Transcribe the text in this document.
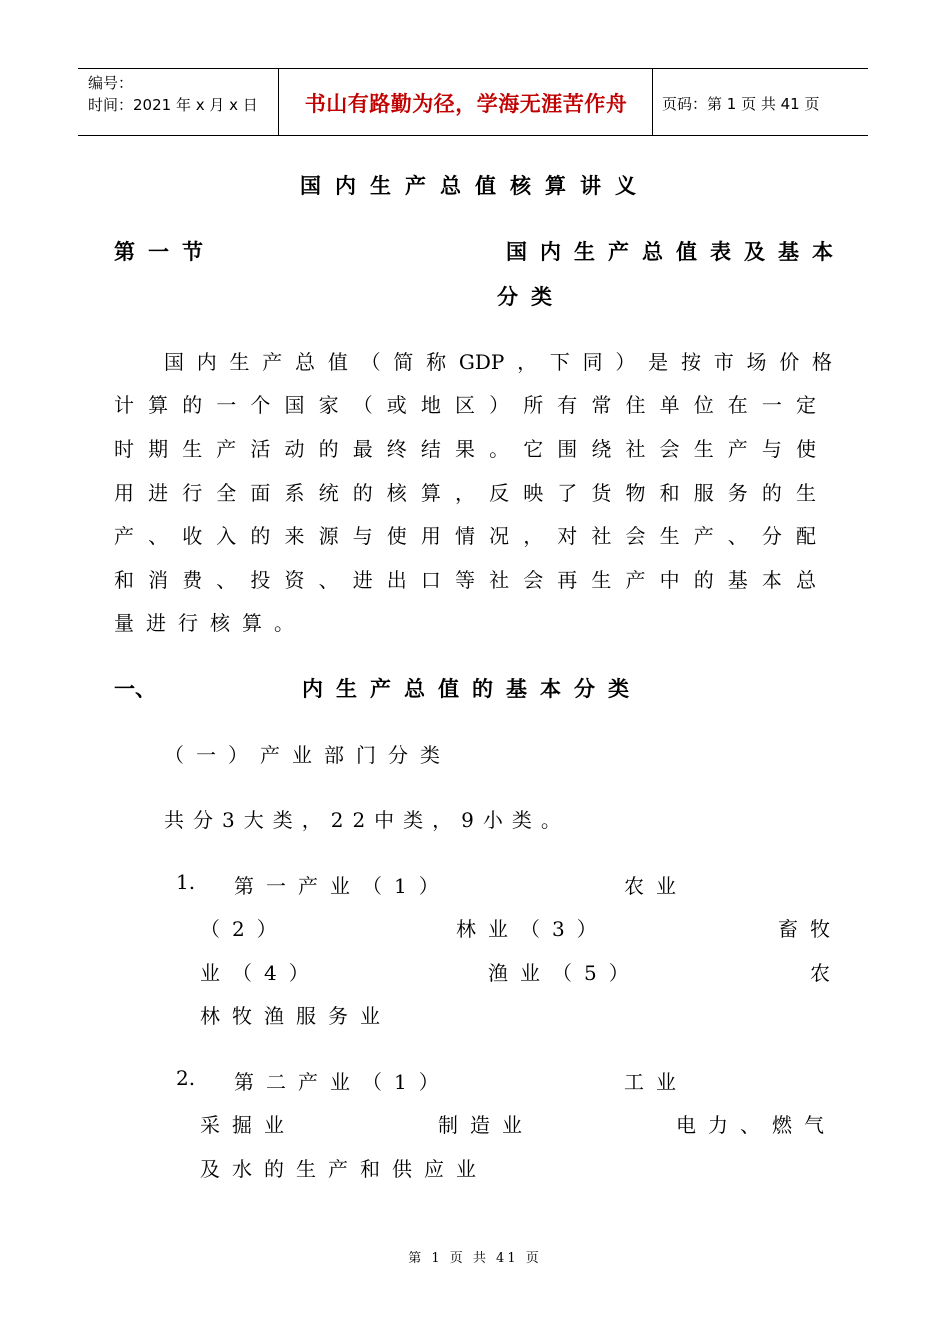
编号：
时间：2021 年 x 月 x 日	书山有路勤为径，学海无涯苦作舟	页码：第 1 页 共 41 页
国内生产总值核算讲义
第一节	国内生产总值表及基本
分类
国内生产总值（简称GDP，下同）是按市场价格
计算的一个国家（或地区）所有常住单位在一定
时期生产活动的最终结果。它围绕社会生产与使
用进行全面系统的核算，反映了货物和服务的生
产、收入的来源与使用情况，对社会生产、分配
和消费、投资、进出口等社会再生产中的基本总
量进行核算。
一、	内生产总值的基本分类
（一）产业部门分类
共分3大类，22中类，9小类。
1. 第一产业（1）	农业
（2）	林业（3）	畜牧
业（4）	渔业（5）	农
林牧渔服务业
2. 第二产业（1）	工业
采掘业	制造业	电力、燃气
及水的生产和供应业
第 1 页 共 41 页
